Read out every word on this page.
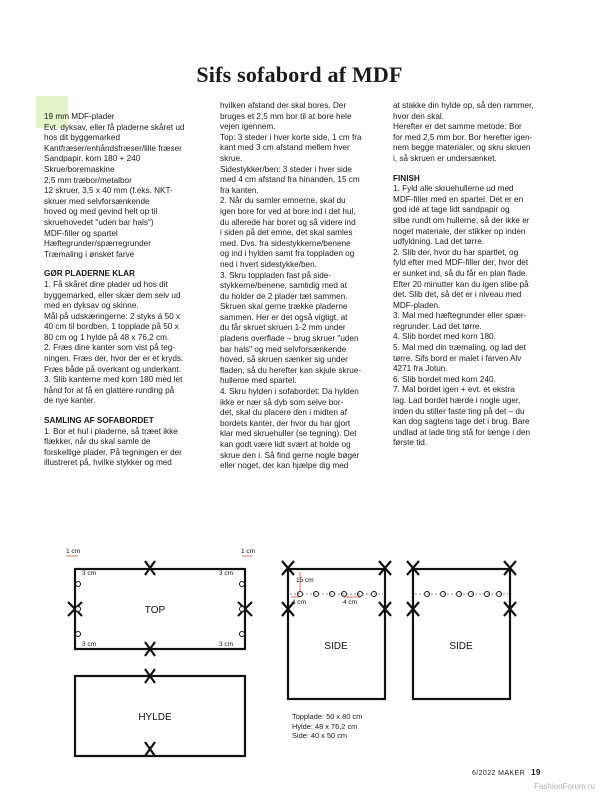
Sifs sofabord af MDF

19 mm MDF-plader

Evt. dyksav, eller få pladerne skåret ud

hos dit byggemarked

Kantfræser/enhåndsfræser/lille fræser

Sandpapir, korn 180 + 240

Skrue/boremaskine

2,5 mm træbor/metalbor

12 skruer, 3,5 x 40 mm (f.eks. NKT-

skruer med selvforsænkende

hoved og med gevind helt op til

skruehovedet "uden bar hals")

MDF-filler og spartel

Hæftegrunder/spærregrunder

Træmaling i ønsket farve

GØR PLADERNE KLAR

1. Få skåret dine plader ud hos dit

byggemarked, eller skær dem selv ud

med en dyksav og skinne.

Mål på udskæringerne: 2 styks á 50 x

40 cm til bordben, 1 topplade på 50 x

80 cm og 1 hylde på 48 x 76,2 cm.

2. Fræs dine kanter som vist på teg-

ningen. Fræs der, hvor der er et kryds.

Fræs både på overkant og underkant.

3. Slib kanterne med korn 180 med let

hånd for at få en glattere runding på

de nye kanter.

SAMLING AF SOFABORDET

1. Bor et hul i pladerne, så træet ikke

flækker, når du skal samle de

forskellige plader. På tegningen er der

illustreret på, hvilke stykker og med

hvilken afstand der skal bores. Der

bruges et 2,5 mm bor til at bore hele

vejen igennem.

Top: 3 steder i hver korte side, 1 cm fra

kant med 3 cm afstand mellem hver

skrue.

Sidestykker/ben: 3 steder i hver side

med 4 cm afstand fra hinanden, 15 cm

fra kanten.

2. Når du samler emnerne, skal du

igen bore for ved at bore ind i det hul,

du allerede har boret og så videre ind

i siden på det emne, det skal samles

med. Dvs. fra sidestykkerne/benene

og ind i hylden samt fra toppladen og

ned i hvert sidestykke/ben.

3. Skru toppladen fast på side-

stykkerne/benene, samtidig med at

du holder de 2 plader tæt sammen.

Skruen skal gerne trække pladerne

sammen. Her er det også vigtigt, at

du får skruet skruen 1-2 mm under

pladens overflade – brug skruer "uden

bar hals" og med selvforsænkende

hoved, så skruen sænker sig under

fladen, så du herefter kan skjule skrue-

hullerne med spartel.

4. Skru hylden i sofabordet: Da hylden

ikke er nær så dyb som selve bor-

det, skal du placere den i midten af

bordets kanter, der hvor du har gjort

klar med skruehuller (se tegning). Det

kan godt være lidt svært at holde og

skrue den i. Så find gerne nogle bøger

eller noget, der kan hjælpe dig med

at stakke din hylde op, så den rammer,

hvor den skal.

Herefter er det samme metode: Bor

for med 2,5 mm bor. Bor herefter igen-

nem begge materialer, og skru skruen

i, så skruen er undersænket.

FINISH

1. Fyld alle skruehullerne ud med

MDF-filler med en spartel. Det er en

god idé at tage lidt sandpapir og

slibe rundt om hullerne, så der ikke er

noget materiale, der stikker op inden

udfyldning. Lad det tørre.

2. Slib der, hvor du har spartlet, og

fyld efter med MDF-filler der, hvor det

er sunket ind, så du får en plan flade.

Efter 20 minutter kan du igen slibe på

det. Slib det, så det er i niveau med

MDF-pladen.

3. Mal med hæftegrunder eller spær-

regrunder. Lad det tørre.

4. Slib bordet med korn 180.

5. Mal med din træmaling, og lad det

tørre. Sifs bord er malet i farven Alv

4271 fra Jotun.

6. Slib bordet med korn 240.

7. Mal bordet igen + evt. et ekstra

lag. Lad bordet hærde i nogle uger,

inden du stiller faste ting på det – du

kan dog sagtens tage det i brug. Bare

undlad at lade ting stå for længe i den

første tid.

1 cm	1 cm
3 cm	3 cm
3 cm	3 cm
15 cm
4 cm	4 cm
TOP
HYLDE
SIDE	SIDE
Topplade: 50 x 80 cm
Hylde: 48 x 76,2 cm
Side: 40 x 50 cm
6/2022 MAKER 19
FashionForum.ru
